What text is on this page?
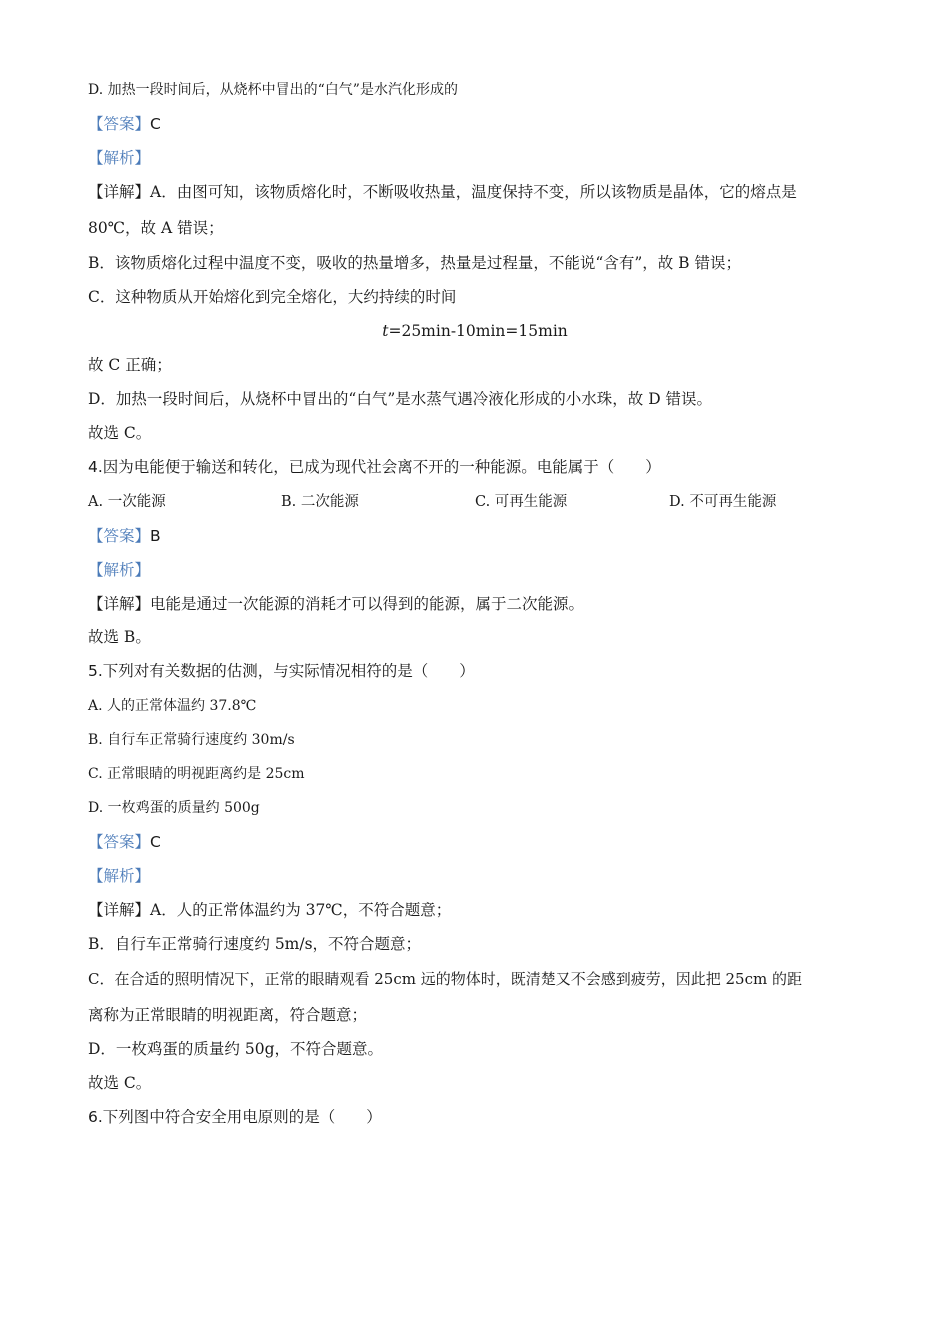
D. 加热一段时间后，从烧杯中冒出的“白气”是水汽化形成的
【答案】C
【解析】
【详解】A．由图可知，该物质熔化时，不断吸收热量，温度保持不变，所以该物质是晶体，它的熔点是
80℃，故 A 错误；
B．该物质熔化过程中温度不变，吸收的热量增多，热量是过程量，不能说“含有”，故 B 错误；
C．这种物质从开始熔化到完全熔化，大约持续的时间
t=25min-10min=15min
故 C 正确；
D．加热一段时间后，从烧杯中冒出的“白气”是水蒸气遇冷液化形成的小水珠，故 D 错误。
故选 C。
4.因为电能便于输送和转化，已成为现代社会离不开的一种能源。电能属于（　　）
A. 一次能源	B. 二次能源	C. 可再生能源	D. 不可再生能源
【答案】B
【解析】
【详解】电能是通过一次能源的消耗才可以得到的能源，属于二次能源。
故选 B。
5.下列对有关数据的估测，与实际情况相符的是（　　）
A. 人的正常体温约 37.8℃
B. 自行车正常骑行速度约 30m/s
C. 正常眼睛的明视距离约是 25cm
D. 一枚鸡蛋的质量约 500g
【答案】C
【解析】
【详解】A．人的正常体温约为 37℃，不符合题意；
B．自行车正常骑行速度约 5m/s，不符合题意；
C．在合适的照明情况下，正常的眼睛观看 25cm 远的物体时，既清楚又不会感到疲劳，因此把 25cm 的距
离称为正常眼睛的明视距离，符合题意；
D．一枚鸡蛋的质量约 50g，不符合题意。
故选 C。
6.下列图中符合安全用电原则的是（　　）
